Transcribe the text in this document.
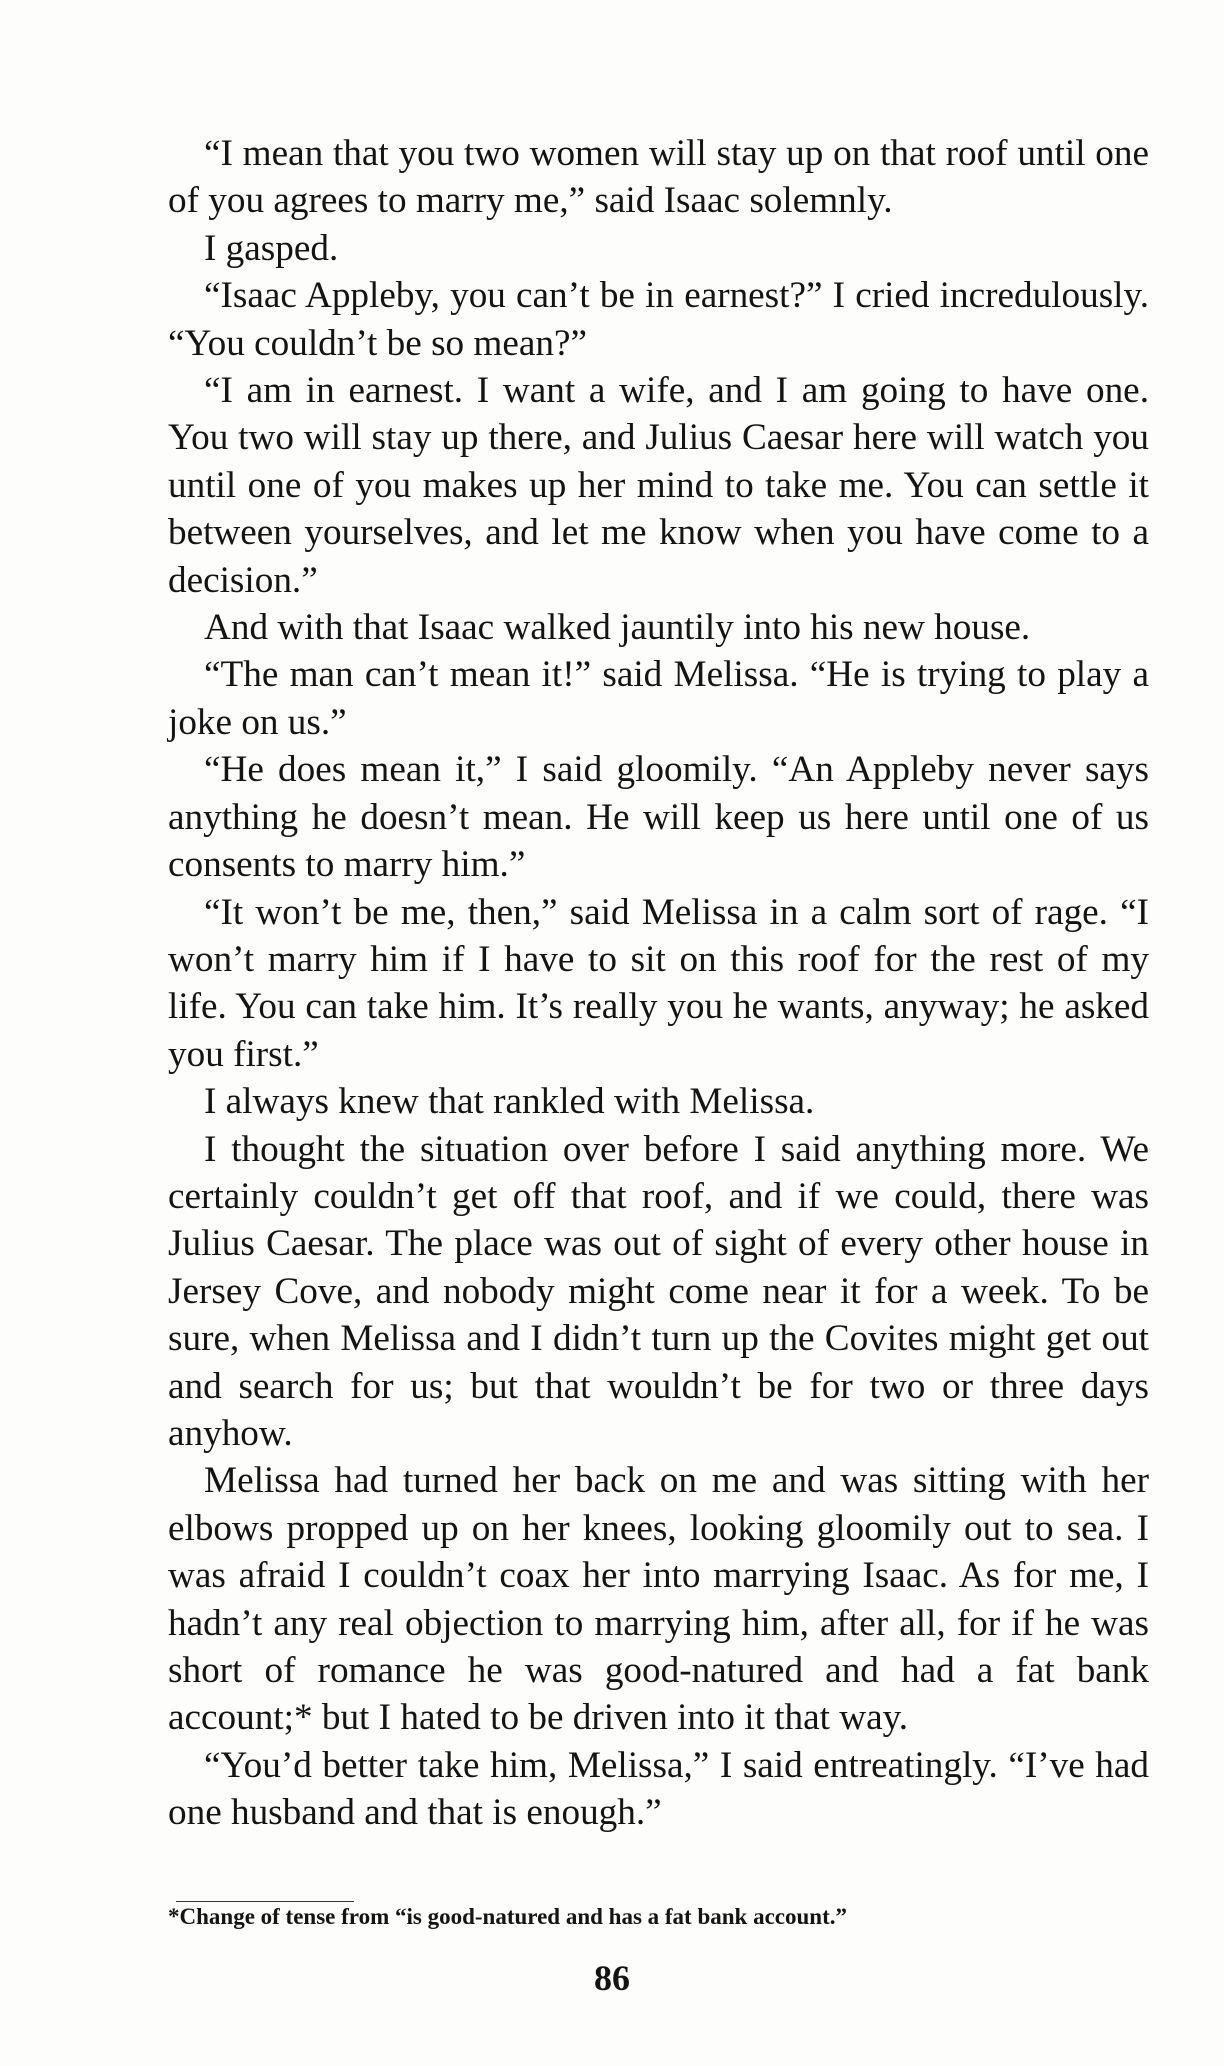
“I mean that you two women will stay up on that roof until one of you agrees to marry me,” said Isaac solemnly.

I gasped.

“Isaac Appleby, you can’t be in earnest?” I cried incredulously. “You couldn’t be so mean?”

“I am in earnest. I want a wife, and I am going to have one. You two will stay up there, and Julius Caesar here will watch you until one of you makes up her mind to take me. You can settle it between yourselves, and let me know when you have come to a decision.”

And with that Isaac walked jauntily into his new house.

“The man can’t mean it!” said Melissa. “He is trying to play a joke on us.”

“He does mean it,” I said gloomily. “An Appleby never says anything he doesn’t mean. He will keep us here until one of us consents to marry him.”

“It won’t be me, then,” said Melissa in a calm sort of rage. “I won’t marry him if I have to sit on this roof for the rest of my life. You can take him. It’s really you he wants, anyway; he asked you first.”

I always knew that rankled with Melissa.

I thought the situation over before I said anything more. We certainly couldn’t get off that roof, and if we could, there was Julius Caesar. The place was out of sight of every other house in Jersey Cove, and nobody might come near it for a week. To be sure, when Melissa and I didn’t turn up the Covites might get out and search for us; but that wouldn’t be for two or three days anyhow.

Melissa had turned her back on me and was sitting with her elbows propped up on her knees, looking gloomily out to sea. I was afraid I couldn’t coax her into marrying Isaac. As for me, I hadn’t any real objection to marrying him, after all, for if he was short of romance he was good-natured and had a fat bank account;* but I hated to be driven into it that way.

“You’d better take him, Melissa,” I said entreatingly. “I’ve had one husband and that is enough.”

*Change of tense from “is good-natured and has a fat bank account.”
86
